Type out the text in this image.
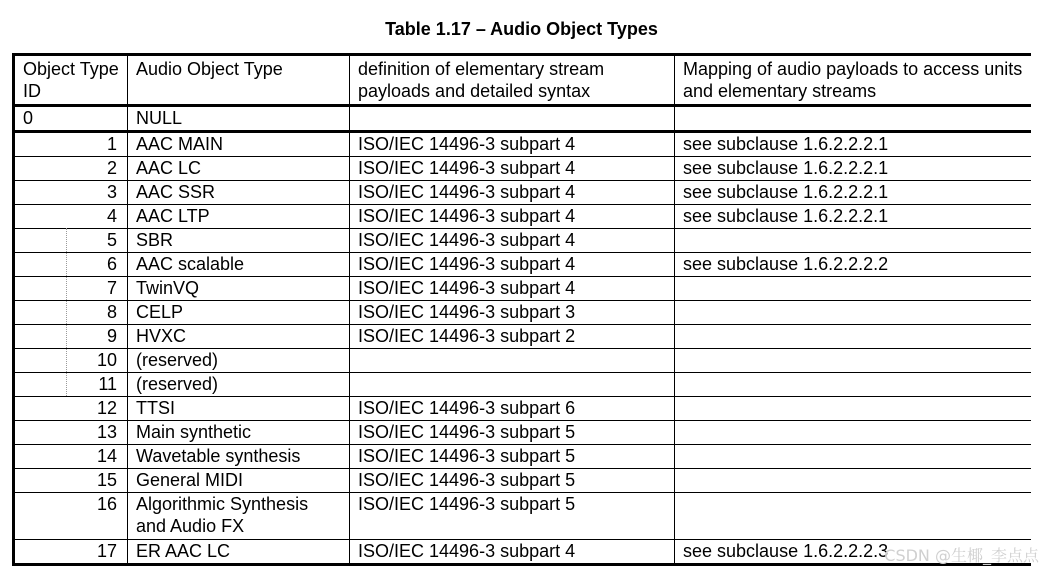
Table 1.17 – Audio Object Types
Object Type ID	Audio Object Type	definition of elementary stream payloads and detailed syntax	Mapping of audio payloads to access units and elementary streams
0	NULL		
1	AAC MAIN	ISO/IEC 14496-3 subpart 4	see subclause 1.6.2.2.2.1
2	AAC LC	ISO/IEC 14496-3 subpart 4	see subclause 1.6.2.2.2.1
3	AAC SSR	ISO/IEC 14496-3 subpart 4	see subclause 1.6.2.2.2.1
4	AAC LTP	ISO/IEC 14496-3 subpart 4	see subclause 1.6.2.2.2.1
5	SBR	ISO/IEC 14496-3 subpart 4	
6	AAC scalable	ISO/IEC 14496-3 subpart 4	see subclause 1.6.2.2.2.2
7	TwinVQ	ISO/IEC 14496-3 subpart 4	
8	CELP	ISO/IEC 14496-3 subpart 3	
9	HVXC	ISO/IEC 14496-3 subpart 2	
10	(reserved)		
11	(reserved)		
12	TTSI	ISO/IEC 14496-3 subpart 6	
13	Main synthetic	ISO/IEC 14496-3 subpart 5	
14	Wavetable synthesis	ISO/IEC 14496-3 subpart 5	
15	General MIDI	ISO/IEC 14496-3 subpart 5	
16	Algorithmic Synthesis and Audio FX	ISO/IEC 14496-3 subpart 5	
17	ER AAC LC	ISO/IEC 14496-3 subpart 4	see subclause 1.6.2.2.2.3
CSDN @生椰_李点点
